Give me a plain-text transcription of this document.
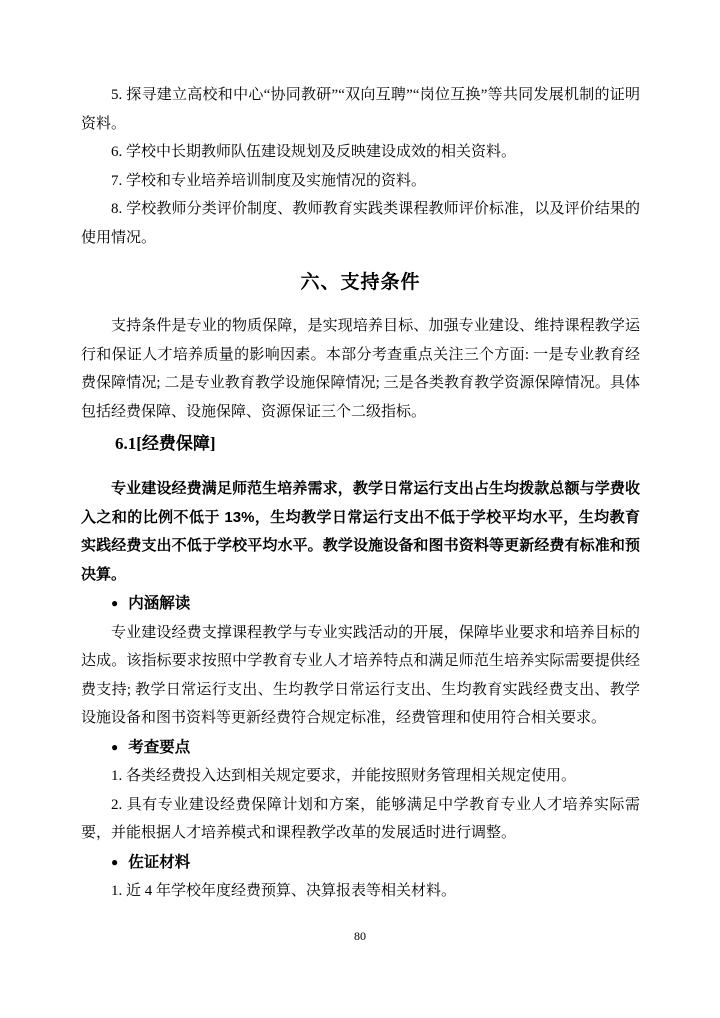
5. 探寻建立高校和中心“协同教研”“双向互聘”“岗位互换”等共同发展机制的证明资料。

6. 学校中长期教师队伍建设规划及反映建设成效的相关资料。

7. 学校和专业培养培训制度及实施情况的资料。

8. 学校教师分类评价制度、教师教育实践类课程教师评价标准，以及评价结果的使用情况。

六、支持条件

支持条件是专业的物质保障，是实现培养目标、加强专业建设、维持课程教学运行和保证人才培养质量的影响因素。本部分考查重点关注三个方面: 一是专业教育经费保障情况; 二是专业教育教学设施保障情况; 三是各类教育教学资源保障情况。具体包括经费保障、设施保障、资源保证三个二级指标。

6.1[经费保障]

专业建设经费满足师范生培养需求，教学日常运行支出占生均拨款总额与学费收入之和的比例不低于 13%，生均教学日常运行支出不低于学校平均水平，生均教育实践经费支出不低于学校平均水平。教学设施设备和图书资料等更新经费有标准和预决算。

● 内涵解读

专业建设经费支撑课程教学与专业实践活动的开展，保障毕业要求和培养目标的达成。该指标要求按照中学教育专业人才培养特点和满足师范生培养实际需要提供经费支持; 教学日常运行支出、生均教学日常运行支出、生均教育实践经费支出、教学设施设备和图书资料等更新经费符合规定标准，经费管理和使用符合相关要求。

● 考查要点

1. 各类经费投入达到相关规定要求，并能按照财务管理相关规定使用。

2. 具有专业建设经费保障计划和方案，能够满足中学教育专业人才培养实际需要，并能根据人才培养模式和课程教学改革的发展适时进行调整。

● 佐证材料

1. 近 4 年学校年度经费预算、决算报表等相关材料。

80
